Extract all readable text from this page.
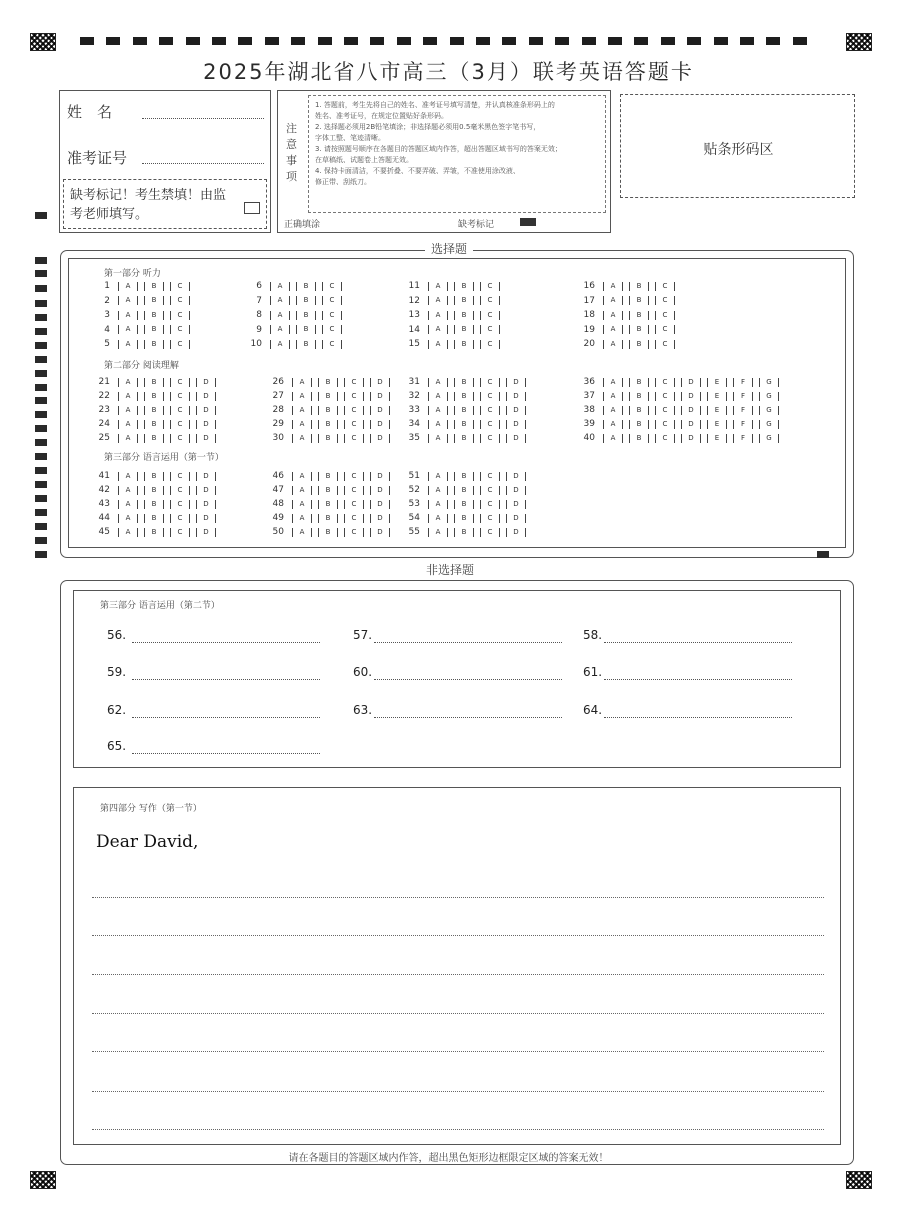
2025年湖北省八市高三（3月）联考英语答题卡
姓　名
准考证号
缺考标记！考生禁填！由监考老师填写。
注意事项
1. 答题前，考生先将自己的姓名、准考证号填写清楚，并认真核准条形码上的
姓名、准考证号，在规定位置贴好条形码。
2. 选择题必须用2B铅笔填涂；非选择题必须用0.5毫米黑色签字笔书写，
字体工整、笔迹清晰。
3. 请按照题号顺序在各题目的答题区域内作答，超出答题区域书写的答案无效；
在草稿纸、试题卷上答题无效。
4. 保持卡面清洁，不要折叠、不要弄破、弄皱，不准使用涂改液、
修正带、刮纸刀。
正确填涂	缺考标记
贴条形码区
选择题
第一部分 听力
第二部分 阅读理解
第三部分 语言运用（第一节）
1	A	B	C
2	A	B	C
3	A	B	C
4	A	B	C
5	A	B	C
6	A	B	C
7	A	B	C
8	A	B	C
9	A	B	C
10	A	B	C
11	A	B	C
12	A	B	C
13	A	B	C
14	A	B	C
15	A	B	C
16	A	B	C
17	A	B	C
18	A	B	C
19	A	B	C
20	A	B	C
21	A	B	C	D
22	A	B	C	D
23	A	B	C	D
24	A	B	C	D
25	A	B	C	D
26	A	B	C	D
27	A	B	C	D
28	A	B	C	D
29	A	B	C	D
30	A	B	C	D
31	A	B	C	D
32	A	B	C	D
33	A	B	C	D
34	A	B	C	D
35	A	B	C	D
36	A	B	C	D	E	F	G
37	A	B	C	D	E	F	G
38	A	B	C	D	E	F	G
39	A	B	C	D	E	F	G
40	A	B	C	D	E	F	G
41	A	B	C	D
42	A	B	C	D
43	A	B	C	D
44	A	B	C	D
45	A	B	C	D
46	A	B	C	D
47	A	B	C	D
48	A	B	C	D
49	A	B	C	D
50	A	B	C	D
51	A	B	C	D
52	A	B	C	D
53	A	B	C	D
54	A	B	C	D
55	A	B	C	D
非选择题
第三部分 语言运用（第二节）
56.	57.	58.
59.	60.	61.
62.	63.	64.
65.
第四部分 写作（第一节）
Dear David,
请在各题目的答题区域内作答，超出黑色矩形边框限定区域的答案无效！
